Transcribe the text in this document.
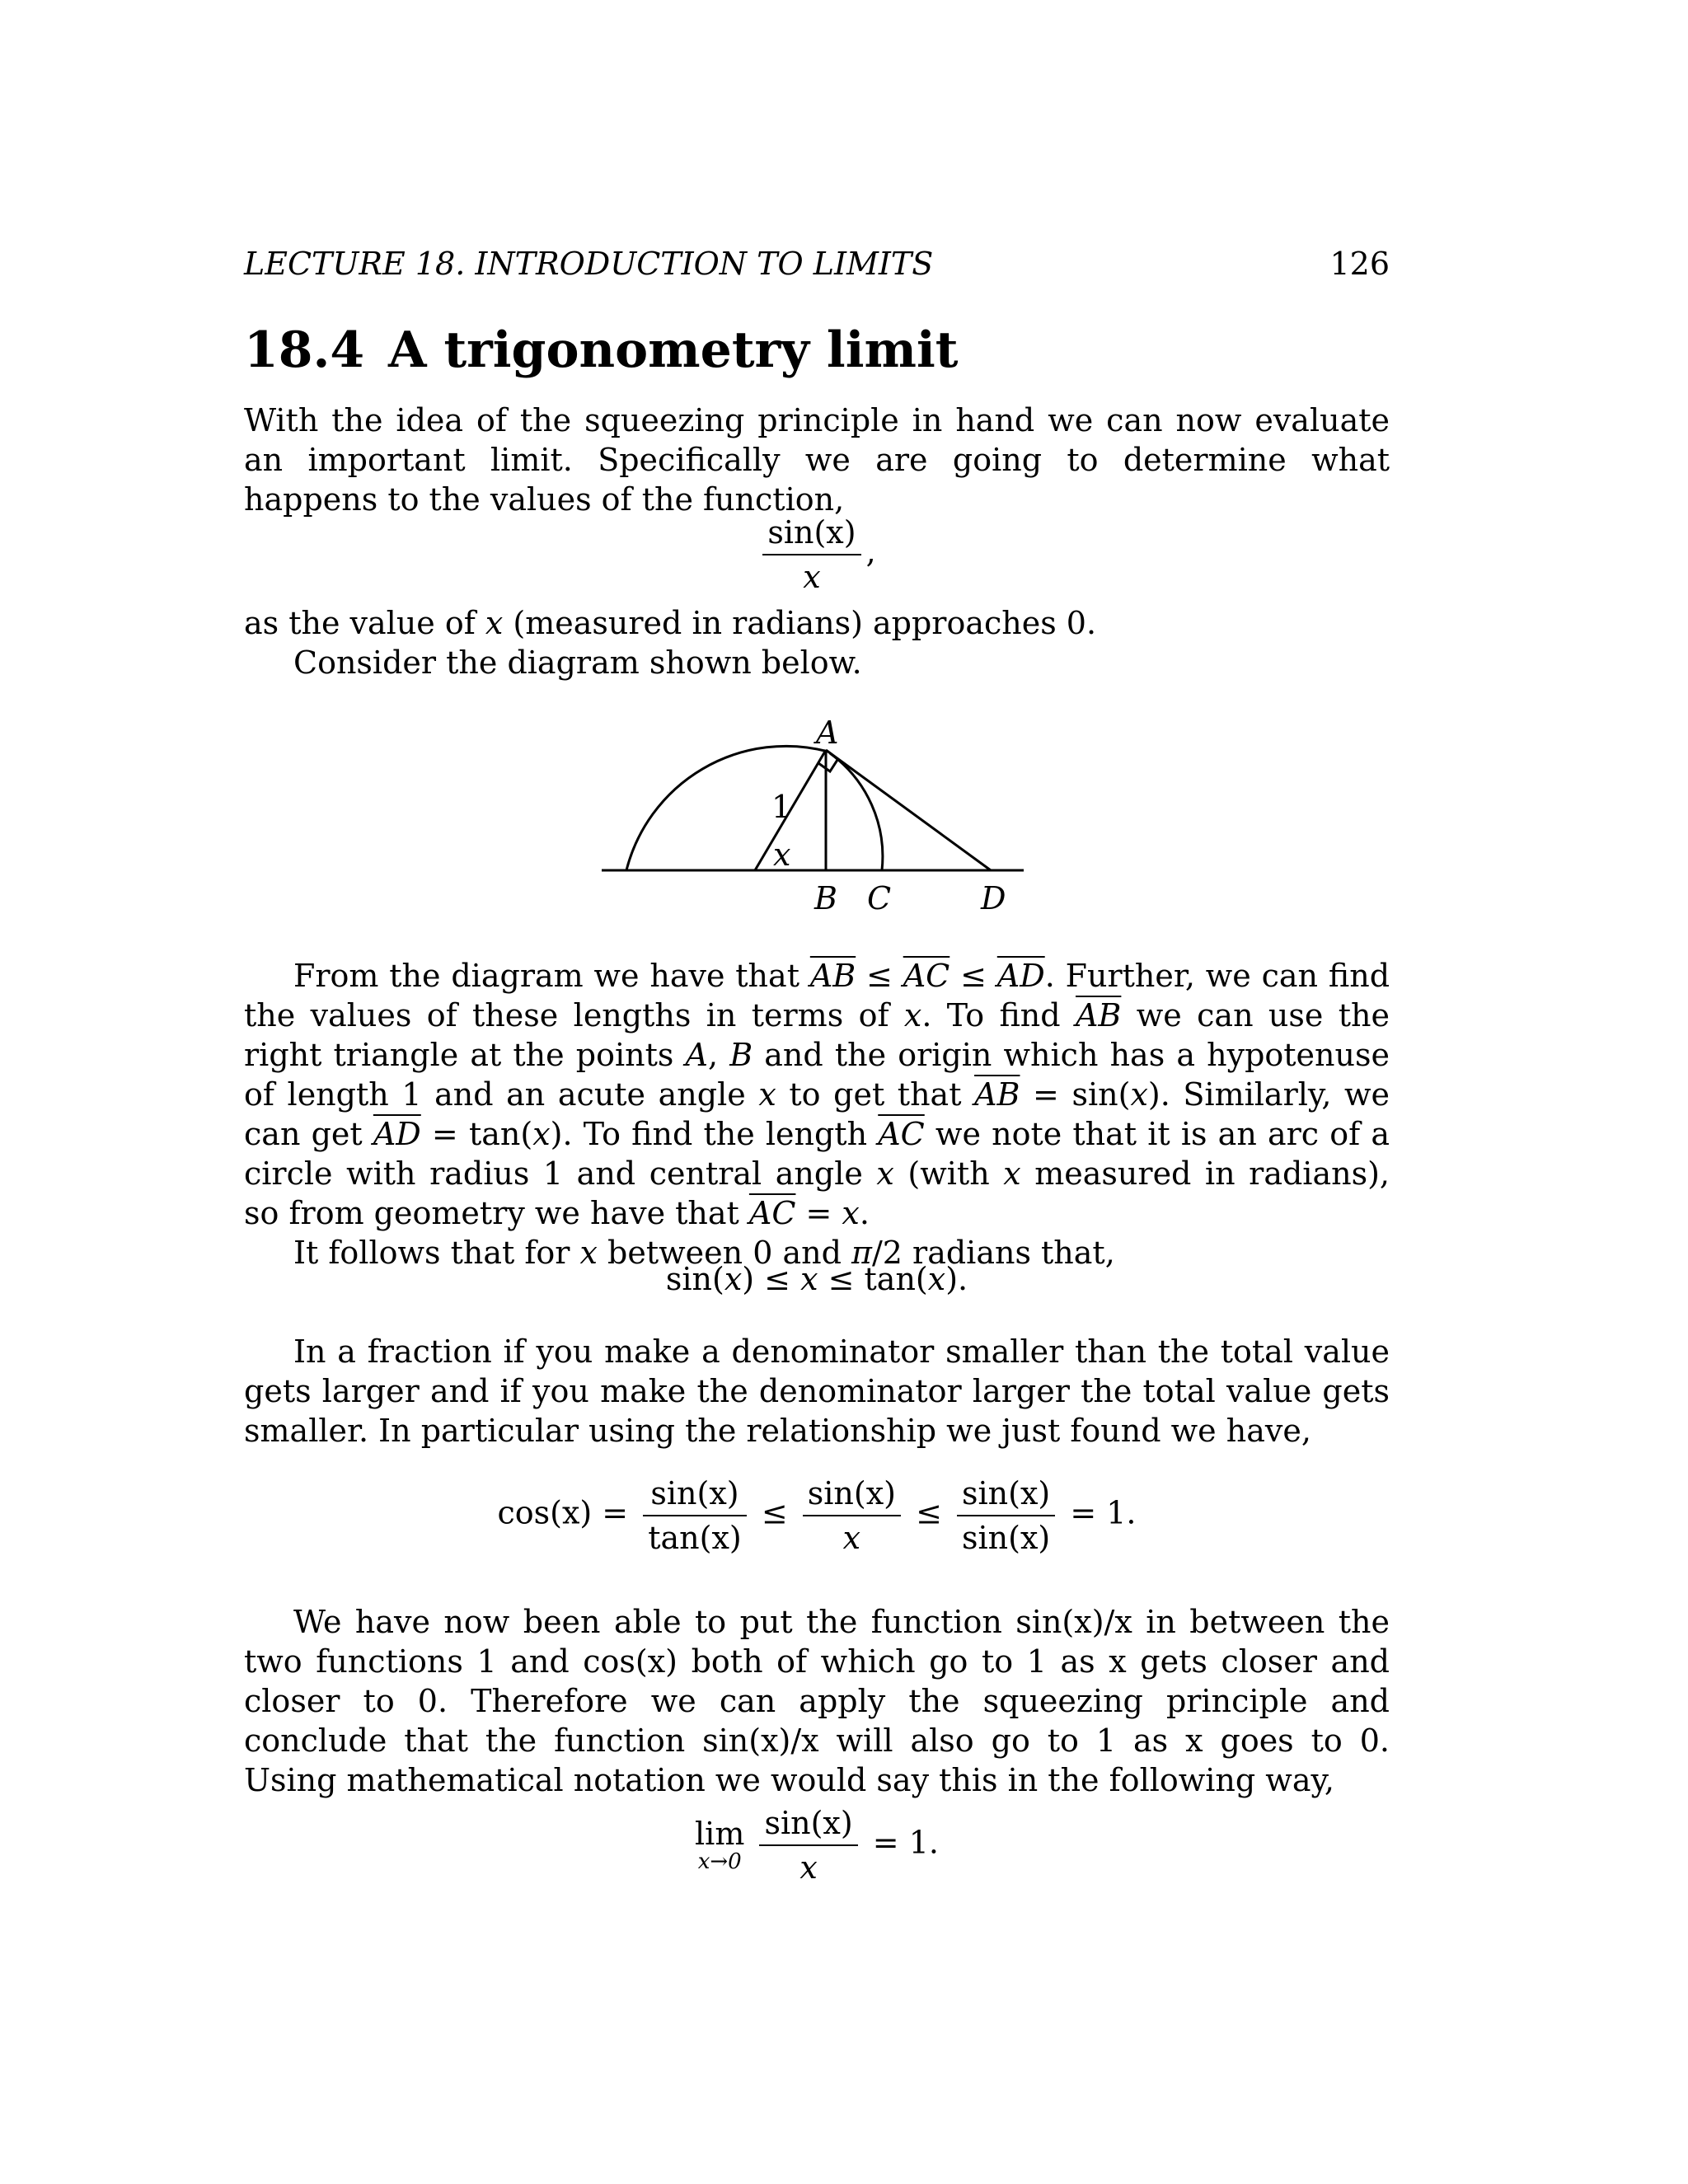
LECTURE 18. INTRODUCTION TO LIMITS	126
18.4 A trigonometry limit

With the idea of the squeezing principle in hand we can now evaluate an important limit. Specifically we are going to determine what happens to the values of the function,

$\frac{\sin(x)}{x}$ ,

as the value of x (measured in radians) approaches 0.

Consider the diagram shown below.

A
1
x
B C	D

From the diagram we have that $\overline{AB} \le \overline{AC} \le \overline{AD}$. Further, we can find the values of these lengths in terms of x. To find $\overline{AB}$ we can use the right triangle at the points A, B and the origin which has a hypotenuse of length 1 and an acute angle x to get that $\overline{AB} = \sin(x)$. Similarly, we can get $\overline{AD} = \tan(x)$. To find the length $\overline{AC}$ we note that it is an arc of a circle with radius 1 and central angle x (with x measured in radians), so from geometry we have that $\overline{AC} = x$.

It follows that for x between 0 and π/2 radians that,

sin(x) ≤ x ≤ tan(x).

In a fraction if you make a denominator smaller than the total value gets larger and if you make the denominator larger the total value gets smaller. In particular using the relationship we just found we have,

$\cos(x) = \frac{\sin(x)}{\tan(x)} \le \frac{\sin(x)}{x} \le \frac{\sin(x)}{\sin(x)} = 1$.

We have now been able to put the function sin(x)/x in between the two functions 1 and cos(x) both of which go to 1 as x gets closer and closer to 0. Therefore we can apply the squeezing principle and conclude that the function sin(x)/x will also go to 1 as x goes to 0. Using mathematical notation we would say this in the following way,

lim
x→0
$\frac{\sin(x)}{x} = 1$.
